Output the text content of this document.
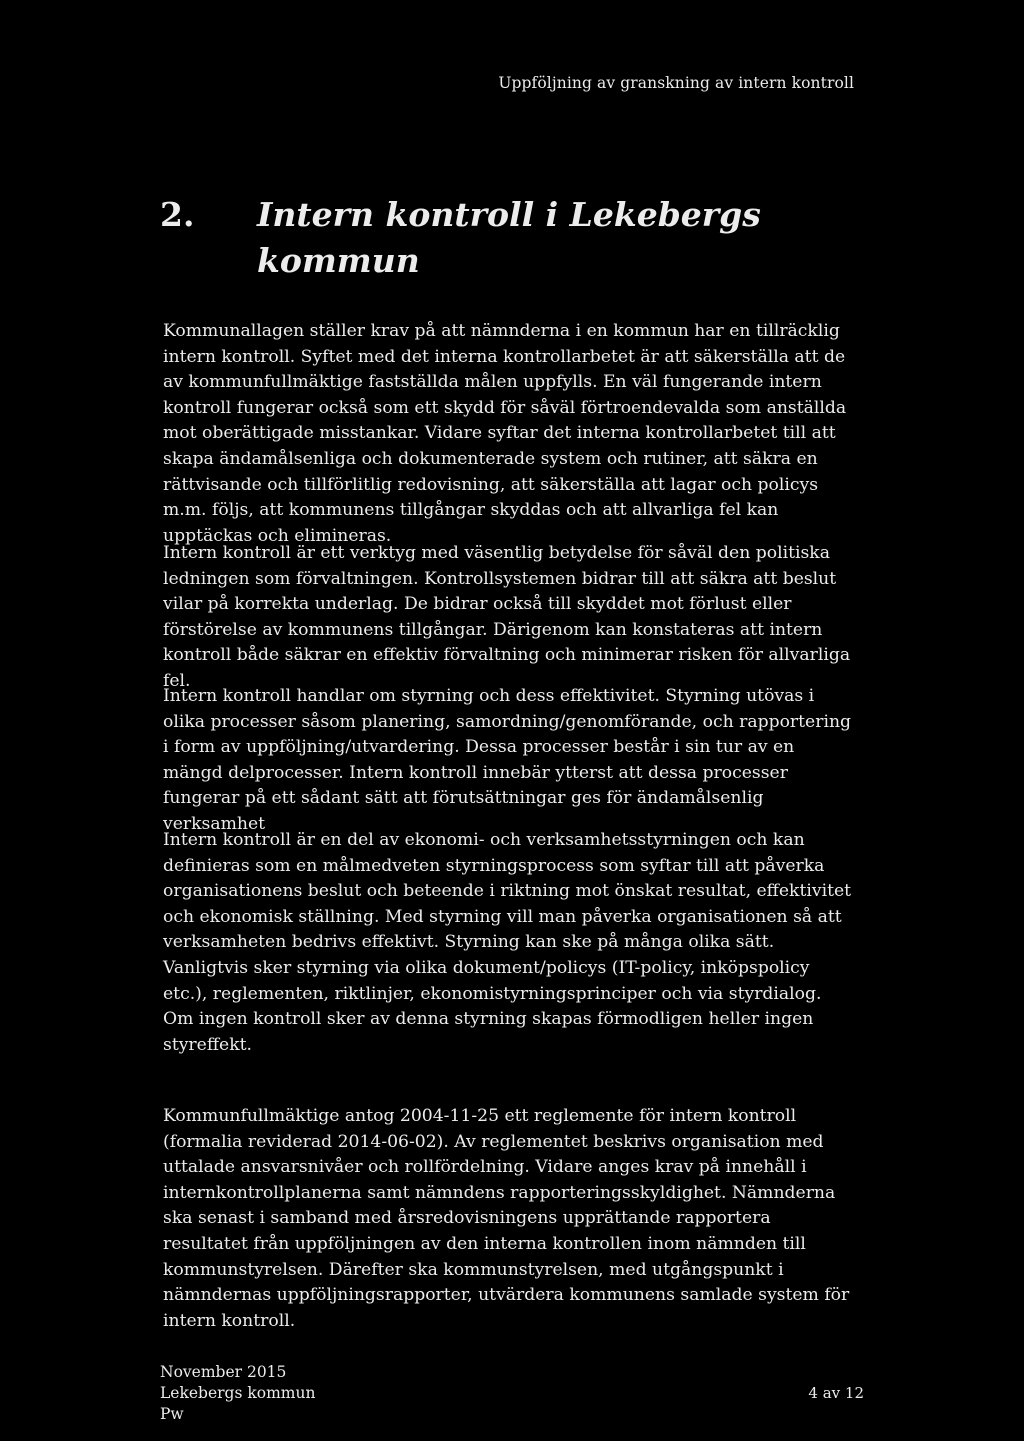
Uppföljning av granskning av intern kontroll
2.	Intern kontroll i Lekebergs kommun

Kommunallagen ställer krav på att nämnderna i en kommun har en tillräcklig intern kontroll. Syftet med det interna kontrollarbetet är att säkerställa att de av kommunfullmäktige fastställda målen uppfylls. En väl fungerande intern kontroll fungerar också som ett skydd för såväl förtroendevalda som anställda mot oberättigade misstankar. Vidare syftar det interna kontrollarbetet till att skapa ändamålsenliga och dokumenterade system och rutiner, att säkra en rättvisande och tillförlitlig redovisning, att säkerställa att lagar och policys m.m. följs, att kommunens tillgångar skyddas och att allvarliga fel kan upptäckas och elimineras.

Intern kontroll är ett verktyg med väsentlig betydelse för såväl den politiska ledningen som förvaltningen. Kontrollsystemen bidrar till att säkra att beslut vilar på korrekta underlag. De bidrar också till skyddet mot förlust eller förstörelse av kommunens tillgångar. Därigenom kan konstateras att intern kontroll både säkrar en effektiv förvaltning och minimerar risken för allvarliga fel.

Intern kontroll handlar om styrning och dess effektivitet. Styrning utövas i olika processer såsom planering, samordning/genomförande, och rapportering i form av uppföljning/utvardering. Dessa processer består i sin tur av en mängd delprocesser. Intern kontroll innebär ytterst att dessa processer fungerar på ett sådant sätt att förutsättningar ges för ändamålsenlig verksamhet

Intern kontroll är en del av ekonomi- och verksamhetsstyrningen och kan definieras som en målmedveten styrningsprocess som syftar till att påverka organisationens beslut och beteende i riktning mot önskat resultat, effektivitet och ekonomisk ställning. Med styrning vill man påverka organisationen så att verksamheten bedrivs effektivt. Styrning kan ske på många olika sätt. Vanligtvis sker styrning via olika dokument/policys (IT-policy, inköpspolicy etc.), reglementen, riktlinjer, ekonomistyrningsprinciper och via styrdialog. Om ingen kontroll sker av denna styrning skapas förmodligen heller ingen styreffekt.

Kommunfullmäktige antog 2004-11-25 ett reglemente för intern kontroll (formalia reviderad 2014-06-02). Av reglementet beskrivs organisation med uttalade ansvarsnivåer och rollfördelning. Vidare anges krav på innehåll i internkontrollplanerna samt nämndens rapporteringsskyldighet. Nämnderna ska senast i samband med årsredovisningens upprättande rapportera resultatet från uppföljningen av den interna kontrollen inom nämnden till kommunstyrelsen. Därefter ska kommunstyrelsen, med utgångspunkt i nämndernas uppföljningsrapporter, utvärdera kommunens samlade system för intern kontroll.

November 2015
Lekebergs kommun
Pw
4 av 12
